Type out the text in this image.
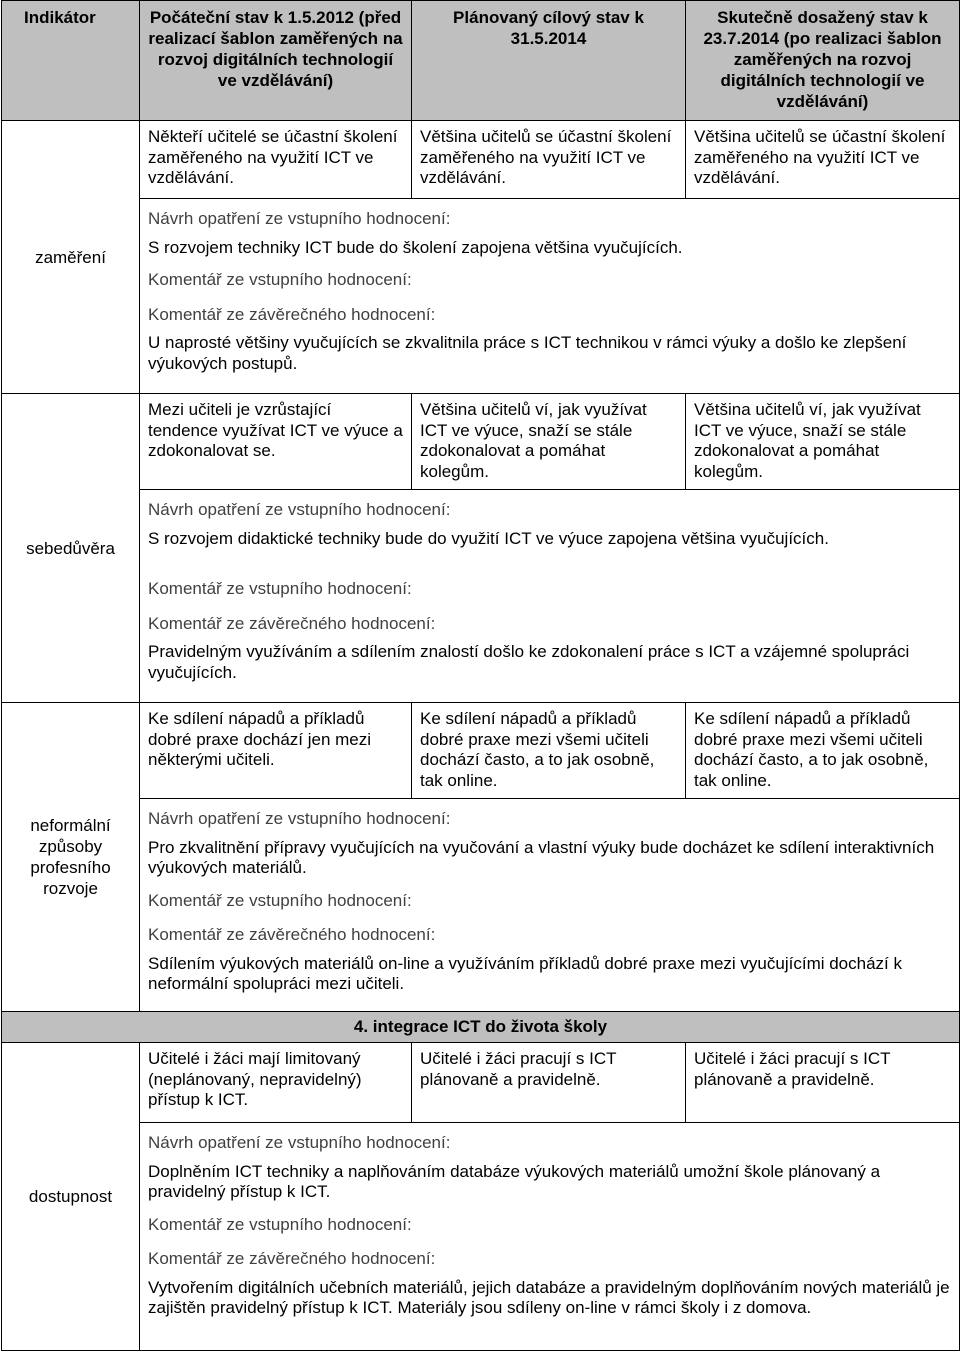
Indikátor	Počáteční stav k 1.5.2012 (před realizací šablon zaměřených na rozvoj digitálních technologií ve vzdělávání)	Plánovaný cílový stav k 31.5.2014	Skutečně dosažený stav k 23.7.2014 (po realizaci šablon zaměřených na rozvoj digitálních technologií ve vzdělávání)
zaměření	Někteří učitelé se účastní školení zaměřeného na využití ICT ve vzdělávání.	Většina učitelů se účastní školení zaměřeného na využití ICT ve vzdělávání.	Většina učitelů se účastní školení zaměřeného na využití ICT ve vzdělávání.

	Návrh opatření ze vstupního hodnocení:

S rozvojem techniky ICT bude do školení zapojena většina vyučujících.

Komentář ze vstupního hodnocení:

Komentář ze závěrečného hodnocení:

U naprosté většiny vyučujících se zkvalitnila práce s ICT technikou v rámci výuky a došlo ke zlepšení výukových postupů.		

sebedůvěra	Mezi učiteli je vzrůstající tendence využívat ICT ve výuce a zdokonalovat se.	Většina učitelů ví, jak využívat ICT ve výuce, snaží se stále zdokonalovat a pomáhat kolegům.	Většina učitelů ví, jak využívat ICT ve výuce, snaží se stále zdokonalovat a pomáhat kolegům.

	Návrh opatření ze vstupního hodnocení:

S rozvojem didaktické techniky bude do využití ICT ve výuce zapojena většina vyučujících.

Komentář ze vstupního hodnocení:

Komentář ze závěrečného hodnocení:

Pravidelným využíváním a sdílením znalostí došlo ke zdokonalení práce s ICT a vzájemné spolupráci vyučujících.		

neformální způsoby profesního rozvoje	Ke sdílení nápadů a příkladů dobré praxe dochází jen mezi některými učiteli.	Ke sdílení nápadů a příkladů dobré praxe mezi všemi učiteli dochází často, a to jak osobně, tak online.	Ke sdílení nápadů a příkladů dobré praxe mezi všemi učiteli dochází často, a to jak osobně, tak online.

	Návrh opatření ze vstupního hodnocení:

Pro zkvalitnění přípravy vyučujících na vyučování a vlastní výuky bude docházet ke sdílení interaktivních výukových materiálů.

Komentář ze vstupního hodnocení:

Komentář ze závěrečného hodnocení:

Sdílením výukových materiálů on-line a využíváním příkladů dobré praxe mezi vyučujícími dochází k neformální spolupráci mezi učiteli.		

4. integrace ICT do života školy			
dostupnost	Učitelé i žáci mají limitovaný (neplánovaný, nepravidelný) přístup k ICT.	Učitelé i žáci pracují s ICT plánovaně a pravidelně.	Učitelé i žáci pracují s ICT plánovaně a pravidelně.

	Návrh opatření ze vstupního hodnocení:

Doplněním ICT techniky a naplňováním databáze výukových materiálů umožní škole plánovaný a pravidelný přístup k ICT.

Komentář ze vstupního hodnocení:

Komentář ze závěrečného hodnocení:

Vytvořením digitálních učebních materiálů, jejich databáze a pravidelným doplňováním nových materiálů je zajištěn pravidelný přístup k ICT. Materiály jsou sdíleny on-line v rámci školy i z domova.		
